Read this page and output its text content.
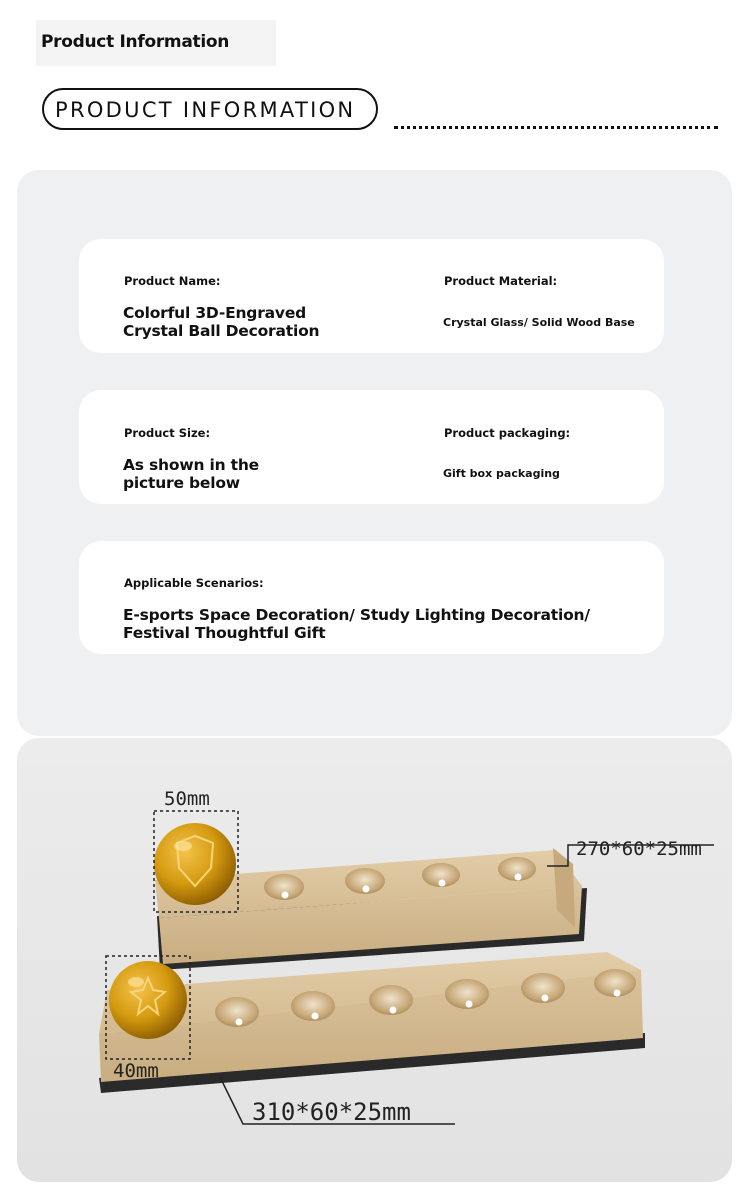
Product Information
PRODUCT INFORMATION
Product Name:
Colorful 3D-Engraved
Crystal Ball Decoration
Product Material:
Crystal Glass/ Solid Wood Base
Product Size:
As shown in the
picture below
Product packaging:
Gift box packaging
Applicable Scenarios:
E-sports Space Decoration/ Study Lighting Decoration/
Festival Thoughtful Gift
50mm
40mm
270*60*25mm
310*60*25mm
